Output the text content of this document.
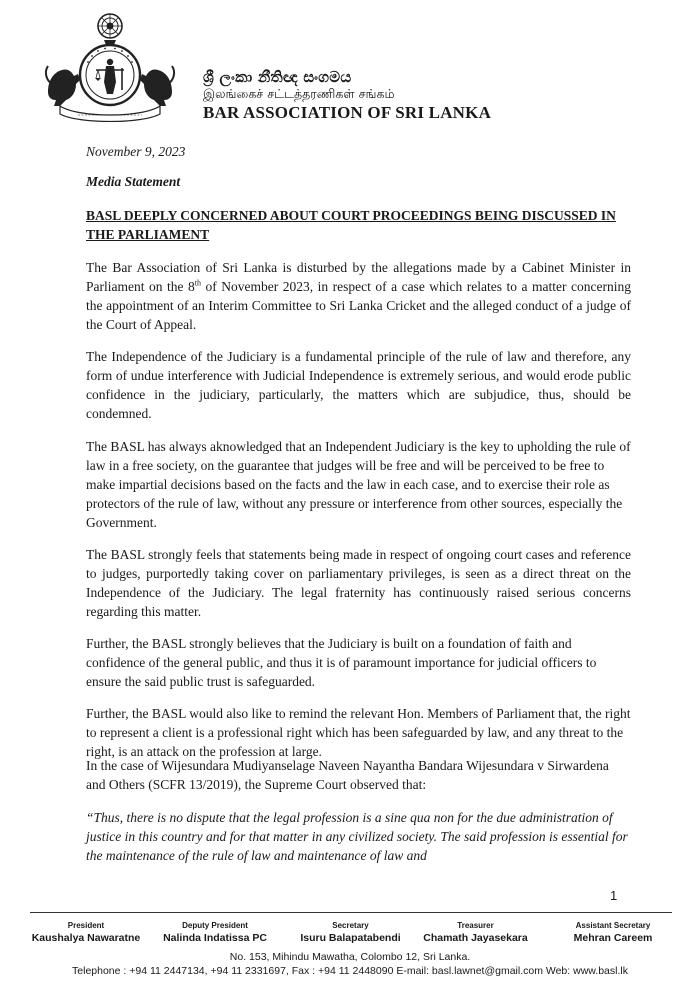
ශ්‍රී ලංකා නීතිඥ සංගමය
இலங்கைச் சட்டத்தரணிகள் சங்கம்
BAR ASSOCIATION OF SRI LANKA
November 9, 2023
Media Statement
BASL DEEPLY CONCERNED ABOUT COURT PROCEEDINGS BEING DISCUSSED IN THE PARLIAMENT
The Bar Association of Sri Lanka is disturbed by the allegations made by a Cabinet Minister in Parliament on the 8th of November 2023, in respect of a case which relates to a matter concerning the appointment of an Interim Committee to Sri Lanka Cricket and the alleged conduct of a judge of the Court of Appeal.
The Independence of the Judiciary is a fundamental principle of the rule of law and therefore, any form of undue interference with Judicial Independence is extremely serious, and would erode public confidence in the judiciary, particularly, the matters which are subjudice, thus, should be condemned.
The BASL has always aknowledged that an Independent Judiciary is the key to upholding the rule of law in a free society, on the guarantee that judges will be free and will be perceived to be free to make impartial decisions based on the facts and the law in each case, and to exercise their role as protectors of the rule of law, without any pressure or interference from other sources, especially the Government.
The BASL strongly feels that statements being made in respect of ongoing court cases and reference to judges, purportedly taking cover on parliamentary privileges, is seen as a direct threat on the Independence of the Judiciary. The legal fraternity has continuously raised serious concerns regarding this matter.
Further, the BASL strongly believes that the Judiciary is built on a foundation of faith and confidence of the general public, and thus it is of paramount importance for judicial officers to ensure the said public trust is safeguarded.
Further, the BASL would also like to remind the relevant Hon. Members of Parliament that, the right to represent a client is a professional right which has been safeguarded by law, and any threat to the right, is an attack on the profession at large.
In the case of Wijesundara Mudiyanselage Naveen Nayantha Bandara Wijesundara v Sirwardena and Others (SCFR 13/2019), the Supreme Court observed that:
“Thus, there is no dispute that the legal profession is a sine qua non for the due administration of justice in this country and for that matter in any civilized society. The said profession is essential for the maintenance of the rule of law and maintenance of law and
1
President
Kaushalya Nawaratne
Deputy President
Nalinda Indatissa PC
Secretary
Isuru Balapatabendi
Treasurer
Chamath Jayasekara
Assistant Secretary
Mehran Careem
No. 153, Mihindu Mawatha, Colombo 12, Sri Lanka.
Telephone : +94 11 2447134, +94 11 2331697, Fax : +94 11 2448090 E-mail: basl.lawnet@gmail.com Web: www.basl.lk
